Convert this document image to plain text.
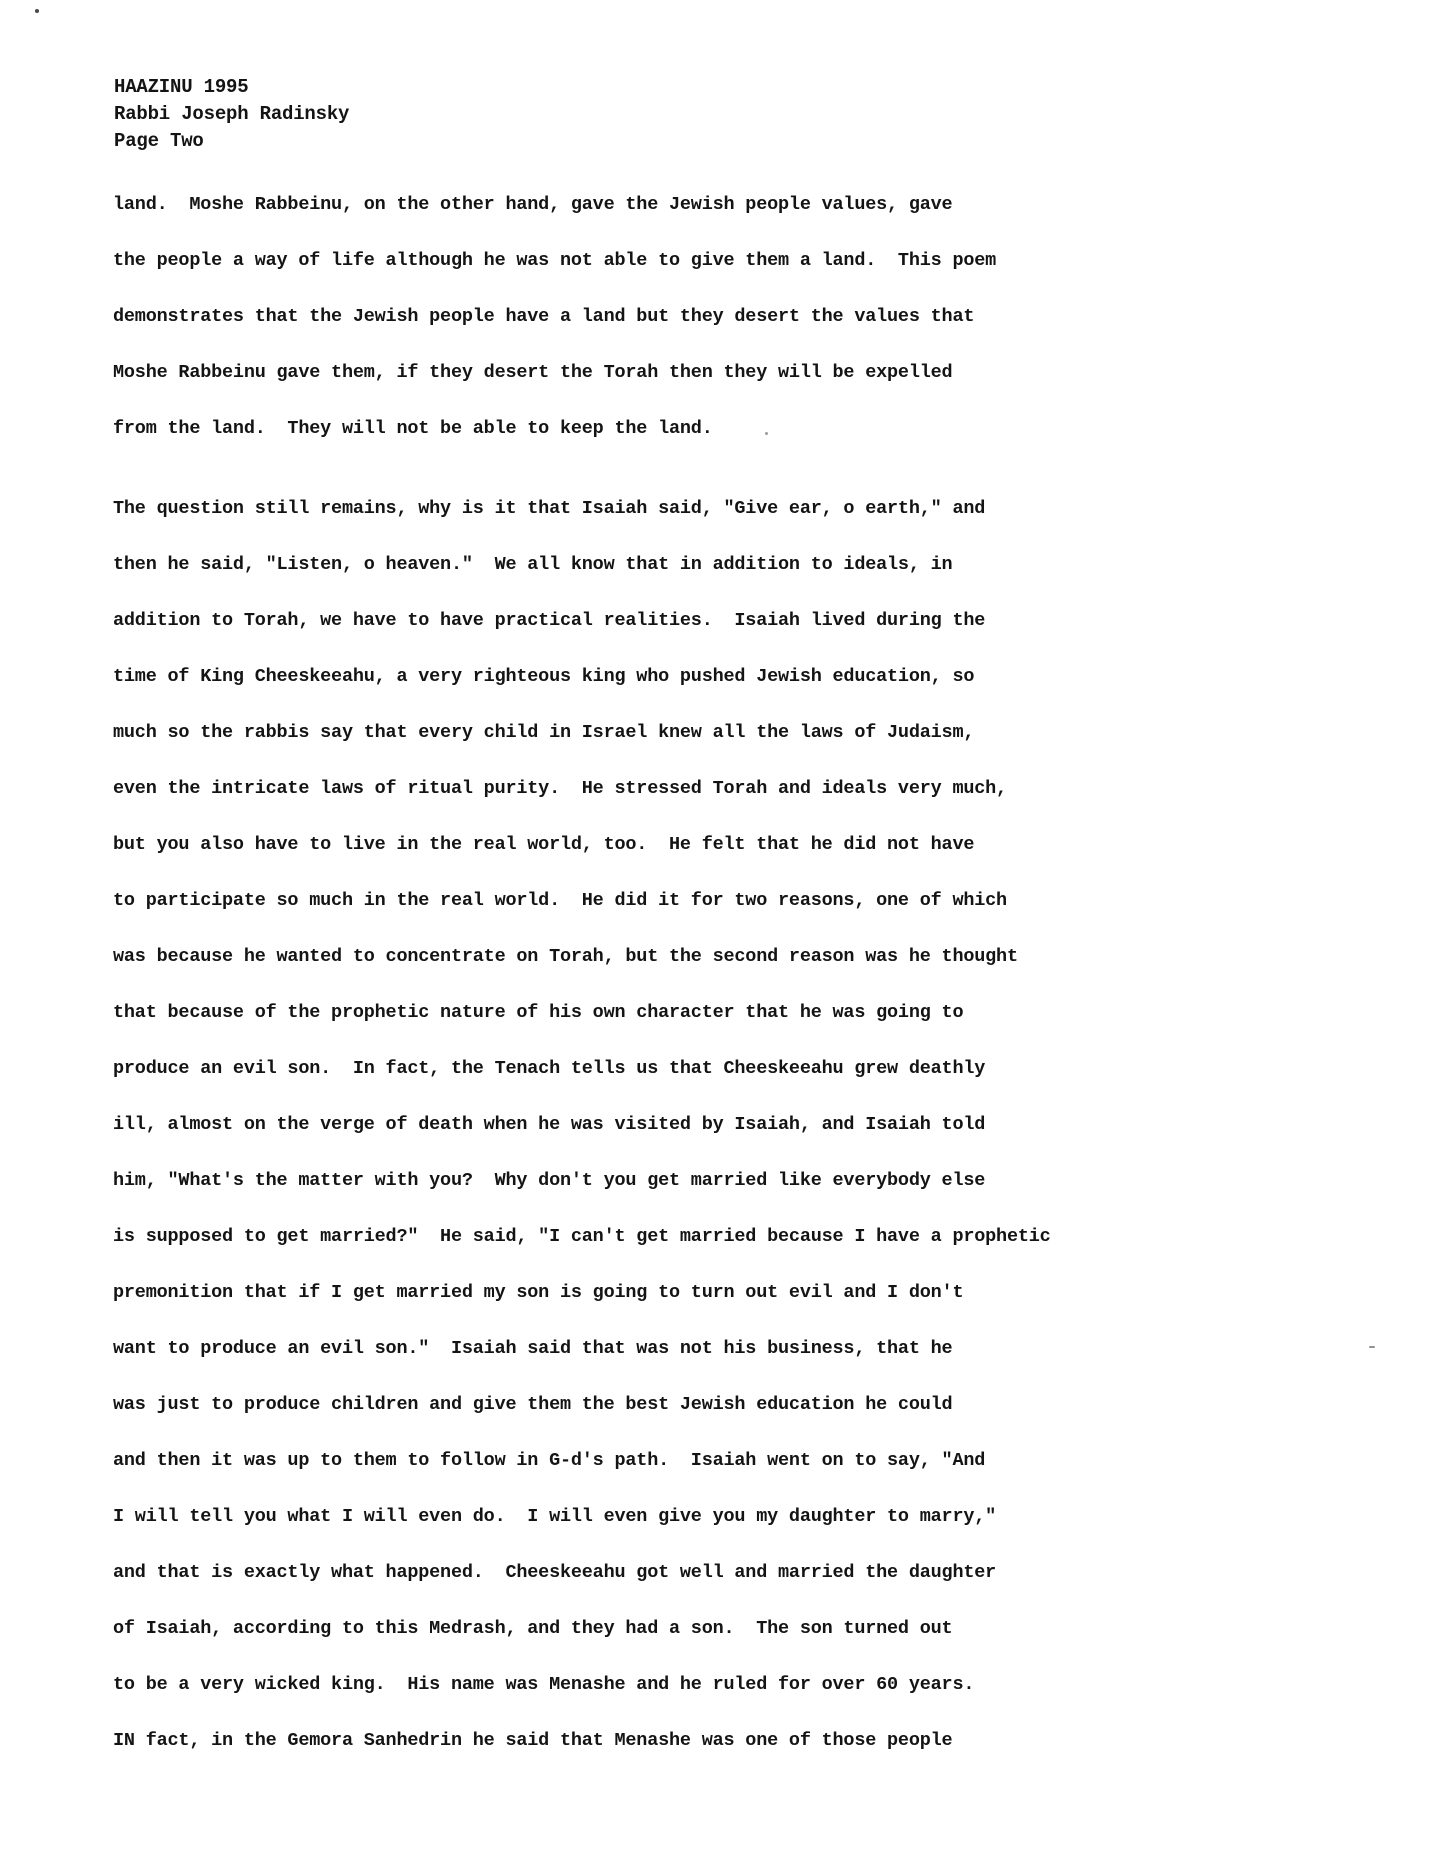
HAAZINU 1995
Rabbi Joseph Radinsky
Page Two
land.  Moshe Rabbeinu, on the other hand, gave the Jewish people values, gave
the people a way of life although he was not able to give them a land.  This poem
demonstrates that the Jewish people have a land but they desert the values that
Moshe Rabbeinu gave them, if they desert the Torah then they will be expelled
from the land.  They will not be able to keep the land.
The question still remains, why is it that Isaiah said, "Give ear, o earth," and
then he said, "Listen, o heaven."  We all know that in addition to ideals, in
addition to Torah, we have to have practical realities.  Isaiah lived during the
time of King Cheeskeeahu, a very righteous king who pushed Jewish education, so
much so the rabbis say that every child in Israel knew all the laws of Judaism,
even the intricate laws of ritual purity.  He stressed Torah and ideals very much,
but you also have to live in the real world, too.  He felt that he did not have
to participate so much in the real world.  He did it for two reasons, one of which
was because he wanted to concentrate on Torah, but the second reason was he thought
that because of the prophetic nature of his own character that he was going to
produce an evil son.  In fact, the Tenach tells us that Cheeskeeahu grew deathly
ill, almost on the verge of death when he was visited by Isaiah, and Isaiah told
him, "What's the matter with you?  Why don't you get married like everybody else
is supposed to get married?"  He said, "I can't get married because I have a prophetic
premonition that if I get married my son is going to turn out evil and I don't
want to produce an evil son."  Isaiah said that was not his business, that he
was just to produce children and give them the best Jewish education he could
and then it was up to them to follow in G-d's path.  Isaiah went on to say, "And
I will tell you what I will even do.  I will even give you my daughter to marry,"
and that is exactly what happened.  Cheeskeeahu got well and married the daughter
of Isaiah, according to this Medrash, and they had a son.  The son turned out
to be a very wicked king.  His name was Menashe and he ruled for over 60 years.
IN fact, in the Gemora Sanhedrin he said that Menashe was one of those people
